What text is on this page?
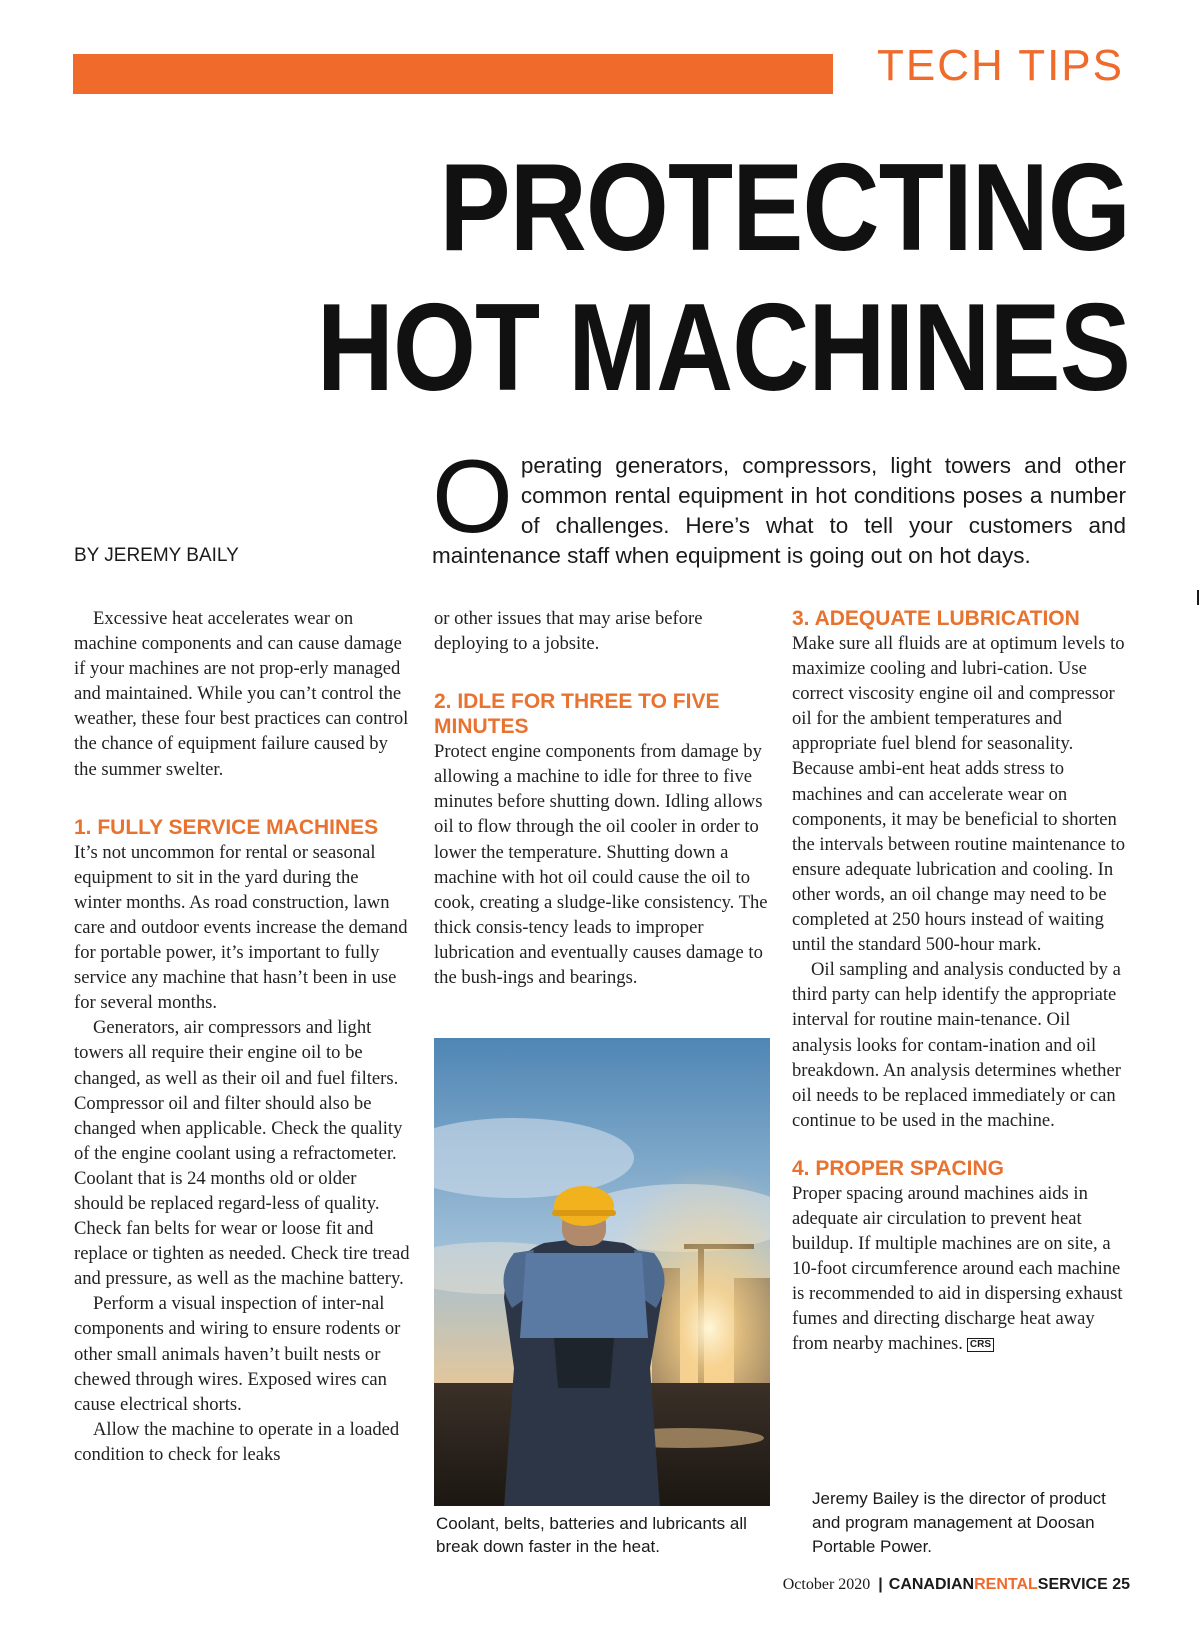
TECH TIPS
PROTECTING
HOT MACHINES
Operating generators, compressors, light towers and other common rental equipment in hot conditions poses a number of challenges. Here’s what to tell your customers and maintenance staff when equipment is going out on hot days.
BY JEREMY BAILY

Excessive heat accelerates wear on machine components and can cause damage if your machines are not prop-erly managed and maintained. While you can’t control the weather, these four best practices can control the chance of equipment failure caused by the summer swelter.

1. FULLY SERVICE MACHINES

It’s not uncommon for rental or seasonal equipment to sit in the yard during the winter months. As road construction, lawn care and outdoor events increase the demand for portable power, it’s important to fully service any machine that hasn’t been in use for several months.

Generators, air compressors and light towers all require their engine oil to be changed, as well as their oil and fuel filters. Compressor oil and filter should also be changed when applicable. Check the quality of the engine coolant using a refractometer. Coolant that is 24 months old or older should be replaced regard-less of quality. Check fan belts for wear or loose fit and replace or tighten as needed. Check tire tread and pressure, as well as the machine battery.

Perform a visual inspection of inter-nal components and wiring to ensure rodents or other small animals haven’t built nests or chewed through wires. Exposed wires can cause electrical shorts.

Allow the machine to operate in a loaded condition to check for leaks

or other issues that may arise before deploying to a jobsite.

2. IDLE FOR THREE TO FIVE MINUTES

Protect engine components from damage by allowing a machine to idle for three to five minutes before shutting down. Idling allows oil to flow through the oil cooler in order to lower the temperature. Shutting down a machine with hot oil could cause the oil to cook, creating a sludge-like consistency. The thick consis-tency leads to improper lubrication and eventually causes damage to the bush-ings and bearings.

Coolant, belts, batteries and lubricants all break down faster in the heat.
3. ADEQUATE LUBRICATION

Make sure all fluids are at optimum levels to maximize cooling and lubri-cation. Use correct viscosity engine oil and compressor oil for the ambient temperatures and appropriate fuel blend for seasonality. Because ambi-ent heat adds stress to machines and can accelerate wear on components, it may be beneficial to shorten the intervals between routine maintenance to ensure adequate lubrication and cooling. In other words, an oil change may need to be completed at 250 hours instead of waiting until the standard 500-hour mark.

Oil sampling and analysis conducted by a third party can help identify the appropriate interval for routine main-tenance. Oil analysis looks for contam-ination and oil breakdown. An analysis determines whether oil needs to be replaced immediately or can continue to be used in the machine.

4. PROPER SPACING

Proper spacing around machines aids in adequate air circulation to prevent heat buildup. If multiple machines are on site, a 10-foot circumference around each machine is recommended to aid in dispersing exhaust fumes and directing discharge heat away from nearby machines. CRS

Jeremy Bailey is the director of product and program management at Doosan Portable Power.
October 2020 | CANADIANRENTALSERVICE 25
